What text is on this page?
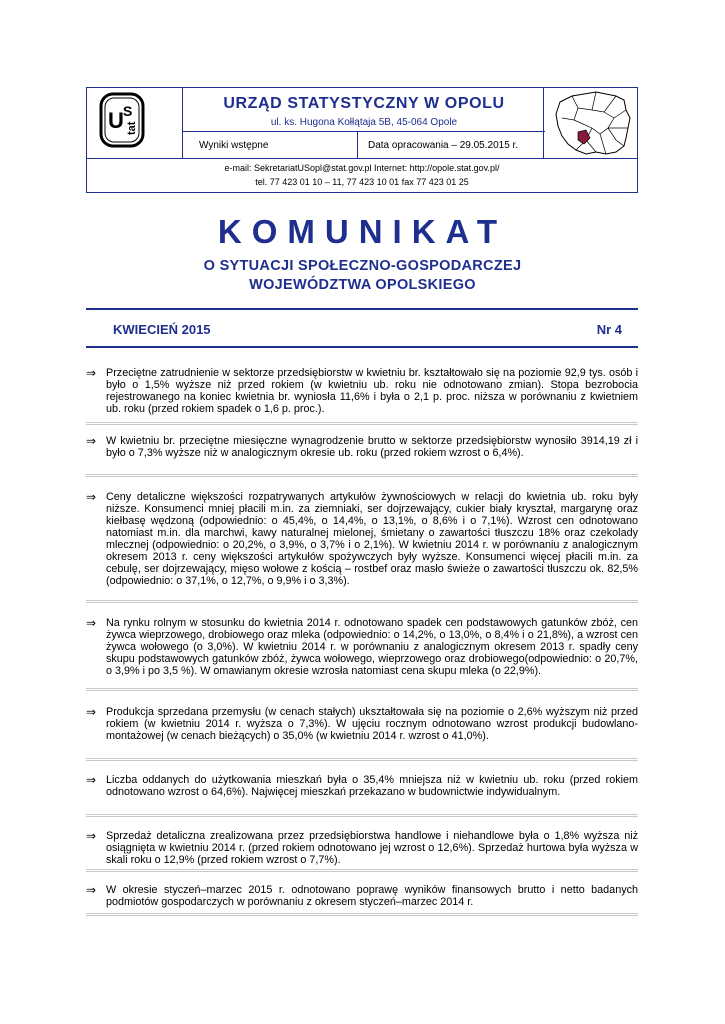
U S
tat
URZĄD STATYSTYCZNY W OPOLU
ul. ks. Hugona Kołłątaja 5B, 45-064 Opole
Wyniki wstępne	Data opracowania – 29.05.2015 r.
e-mail: SekretariatUSopl@stat.gov.pl Internet: http://opole.stat.gov.pl/
tel. 77 423 01 10 – 11, 77 423 10 01 fax 77 423 01 25
KOMUNIKAT
O SYTUACJI SPOŁECZNO-GOSPODARCZEJ
WOJEWÓDZTWA OPOLSKIEGO
KWIECIEŃ 2015	Nr 4
⇒ Przeciętne zatrudnienie w sektorze przedsiębiorstw w kwietniu br. kształtowało się na poziomie 92,9 tys. osób i było o 1,5% wyższe niż przed rokiem (w kwietniu ub. roku nie odnotowano zmian). Stopa bezrobocia rejestrowanego na koniec kwietnia br. wyniosła 11,6% i była o 2,1 p. proc. niższa w porównaniu z kwietniem ub. roku (przed rokiem spadek o 1,6 p. proc.).
⇒ W kwietniu br. przeciętne miesięczne wynagrodzenie brutto w sektorze przedsiębiorstw wynosiło 3914,19 zł i było o 7,3% wyższe niż w analogicznym okresie ub. roku (przed rokiem wzrost o 6,4%).
⇒ Ceny detaliczne większości rozpatrywanych artykułów żywnościowych w relacji do kwietnia ub. roku były niższe. Konsumenci mniej płacili m.in. za ziemniaki, ser dojrzewający, cukier biały kryształ, margarynę oraz kiełbasę wędzoną (odpowiednio: o 45,4%, o 14,4%, o 13,1%, o 8,6% i o 7,1%). Wzrost cen odnotowano natomiast m.in. dla marchwi, kawy naturalnej mielonej, śmietany o zawartości tłuszczu 18% oraz czekolady mlecznej (odpowiednio: o 20,2%, o 3,9%, o 3,7% i o 2,1%). W kwietniu 2014 r. w porównaniu z analogicznym okresem 2013 r. ceny większości artykułów spożywczych były wyższe. Konsumenci więcej płacili m.in. za cebulę, ser dojrzewający, mięso wołowe z kością – rostbef oraz masło świeże o zawartości tłuszczu ok. 82,5% (odpowiednio: o 37,1%, o 12,7%, o 9,9% i o 3,3%).
⇒ Na rynku rolnym w stosunku do kwietnia 2014 r. odnotowano spadek cen podstawowych gatunków zbóż, cen żywca wieprzowego, drobiowego oraz mleka (odpowiednio: o 14,2%, o 13,0%, o 8,4% i o 21,8%), a wzrost cen żywca wołowego (o 3,0%). W kwietniu 2014 r. w porównaniu z analogicznym okresem 2013 r. spadły ceny skupu podstawowych gatunków zbóż, żywca wołowego, wieprzowego oraz drobiowego(odpowiednio: o 20,7%, o 3,9% i po 3,5 %). W omawianym okresie wzrosła natomiast cena skupu mleka (o 22,9%).
⇒ Produkcja sprzedana przemysłu (w cenach stałych) ukształtowała się na poziomie o 2,6% wyższym niż przed rokiem (w kwietniu 2014 r. wyższa o 7,3%). W ujęciu rocznym odnotowano wzrost produkcji budowlano-montażowej (w cenach bieżących) o 35,0% (w kwietniu 2014 r. wzrost o 41,0%).
⇒ Liczba oddanych do użytkowania mieszkań była o 35,4% mniejsza niż w kwietniu ub. roku (przed rokiem odnotowano wzrost o 64,6%). Najwięcej mieszkań przekazano w budownictwie indywidualnym.
⇒ Sprzedaż detaliczna zrealizowana przez przedsiębiorstwa handlowe i niehandlowe była o 1,8% wyższa niż osiągnięta w kwietniu 2014 r. (przed rokiem odnotowano jej wzrost o 12,6%). Sprzedaż hurtowa była wyższa w skali roku o 12,9% (przed rokiem wzrost o 7,7%).
⇒ W okresie styczeń–marzec 2015 r. odnotowano poprawę wyników finansowych brutto i netto badanych podmiotów gospodarczych w porównaniu z okresem styczeń–marzec 2014 r.
